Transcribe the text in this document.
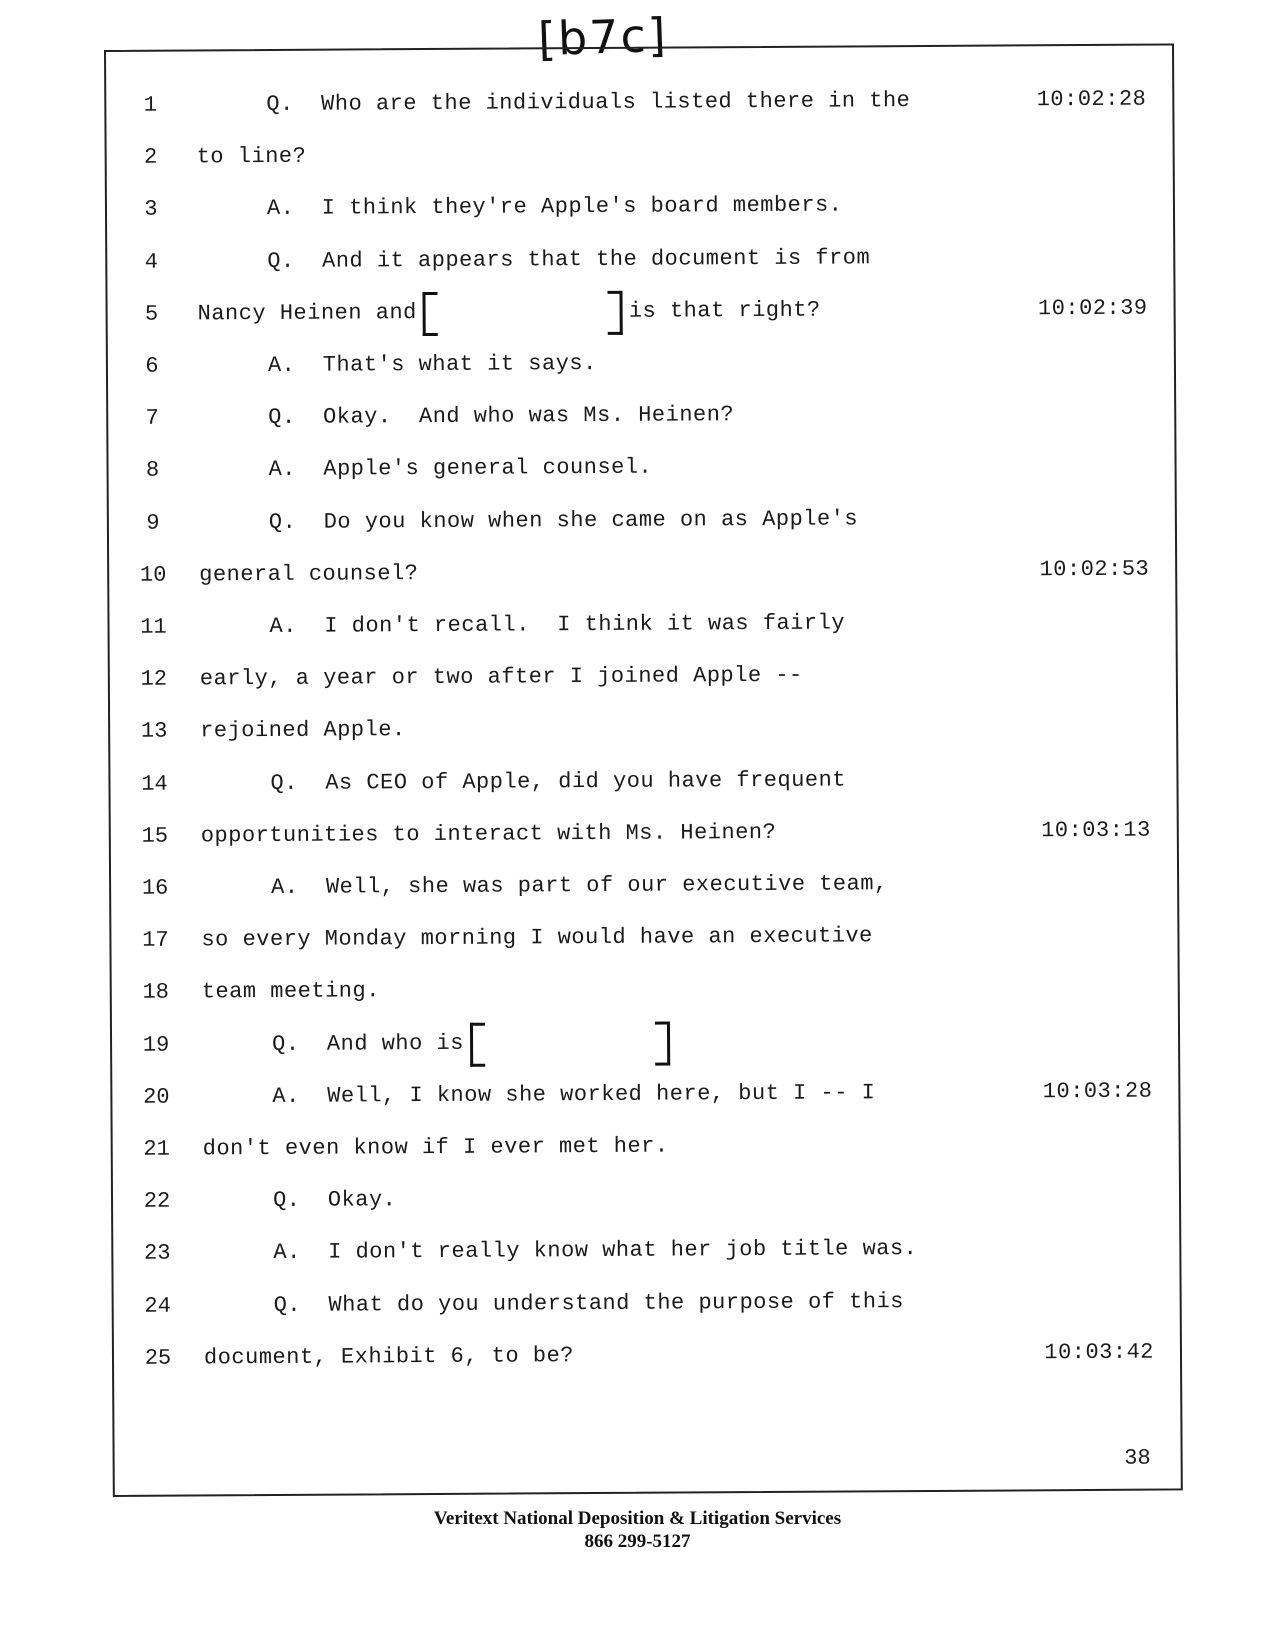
[b7c]
38
1	Q.  Who are the individuals listed there in the	10:02:28
2	to line?
3	A.  I think they're Apple's board members.
4	Q.  And it appears that the document is from
5	Nancy Heinen and	is that right?	10:02:39
6	A.  That's what it says.
7	Q.  Okay.  And who was Ms. Heinen?
8	A.  Apple's general counsel.
9	Q.  Do you know when she came on as Apple's
10	general counsel?	10:02:53
11	A.  I don't recall.  I think it was fairly
12	early, a year or two after I joined Apple --
13	rejoined Apple.
14	Q.  As CEO of Apple, did you have frequent
15	opportunities to interact with Ms. Heinen?	10:03:13
16	A.  Well, she was part of our executive team,
17	so every Monday morning I would have an executive
18	team meeting.
19	Q.  And who is
20	A.  Well, I know she worked here, but I -- I	10:03:28
21	don't even know if I ever met her.
22	Q.  Okay.
23	A.  I don't really know what her job title was.
24	Q.  What do you understand the purpose of this
25	document, Exhibit 6, to be?	10:03:42
Veritext National Deposition & Litigation Services
866 299-5127
